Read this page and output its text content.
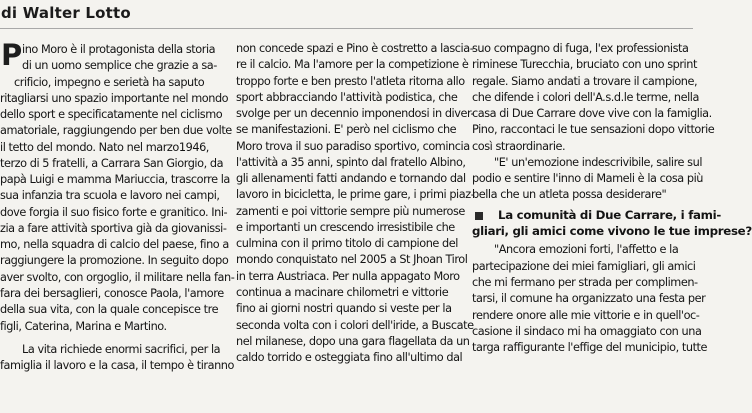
di Walter Lotto
P ino Moro è il protagonista della storia
di un uomo semplice che grazie a sa-
crificio, impegno e serietà ha saputo
ritagliarsi uno spazio importante nel mondo
dello sport e specificatamente nel ciclismo
amatoriale, raggiungendo per ben due volte
il tetto del mondo. Nato nel marzo1946,
terzo di 5 fratelli, a Carrara San Giorgio, da
papà Luigi e mamma Mariuccia, trascorre la
sua infanzia tra scuola e lavoro nei campi,
dove forgia il suo fisico forte e granitico. Ini-
zia a fare attività sportiva già da giovanissi-
mo, nella squadra di calcio del paese, fino a
raggiungere la promozione. In seguito dopo
aver svolto, con orgoglio, il militare nella fan-
fara dei bersaglieri, conosce Paola, l'amore
della sua vita, con la quale concepisce tre
figli, Caterina, Marina e Martino.
La vita richiede enormi sacrifici, per la
famiglia il lavoro e la casa, il tempo è tiranno
non concede spazi e Pino è costretto a lascia-
re il calcio. Ma l'amore per la competizione è
troppo forte e ben presto l'atleta ritorna allo
sport abbracciando l'attività podistica, che
svolge per un decennio imponendosi in diver-
se manifestazioni. E' però nel ciclismo che
Moro trova il suo paradiso sportivo, comincia
l'attività a 35 anni, spinto dal fratello Albino,
gli allenamenti fatti andando e tornando dal
lavoro in bicicletta, le prime gare, i primi piaz-
zamenti e poi vittorie sempre più numerose
e importanti un crescendo irresistibile che
culmina con il primo titolo di campione del
mondo conquistato nel 2005 a St Jhoan Tirol
in terra Austriaca. Per nulla appagato Moro
continua a macinare chilometri e vittorie
fino ai giorni nostri quando si veste per la
seconda volta con i colori dell'iride, a Buscate
nel milanese, dopo una gara flagellata da un
caldo torrido e osteggiata fino all'ultimo dal
suo compagno di fuga, l'ex professionista
riminese Turecchia, bruciato con uno sprint
regale. Siamo andati a trovare il campione,
che difende i colori dell'A.s.d.le terme, nella
casa di Due Carrare dove vive con la famiglia.
Pino, raccontaci le tue sensazioni dopo vittorie
così straordinarie.
"E' un'emozione indescrivibile, salire sul
podio e sentire l'inno di Mameli è la cosa più
bella che un atleta possa desiderare"
La comunità di Due Carrare, i fami-
gliari, gli amici come vivono le tue imprese?
"Ancora emozioni forti, l'affetto e la
partecipazione dei miei famigliari, gli amici
che mi fermano per strada per complimen-
tarsi, il comune ha organizzato una festa per
rendere onore alle mie vittorie e in quell'oc-
casione il sindaco mi ha omaggiato con una
targa raffigurante l'effige del municipio, tutte
